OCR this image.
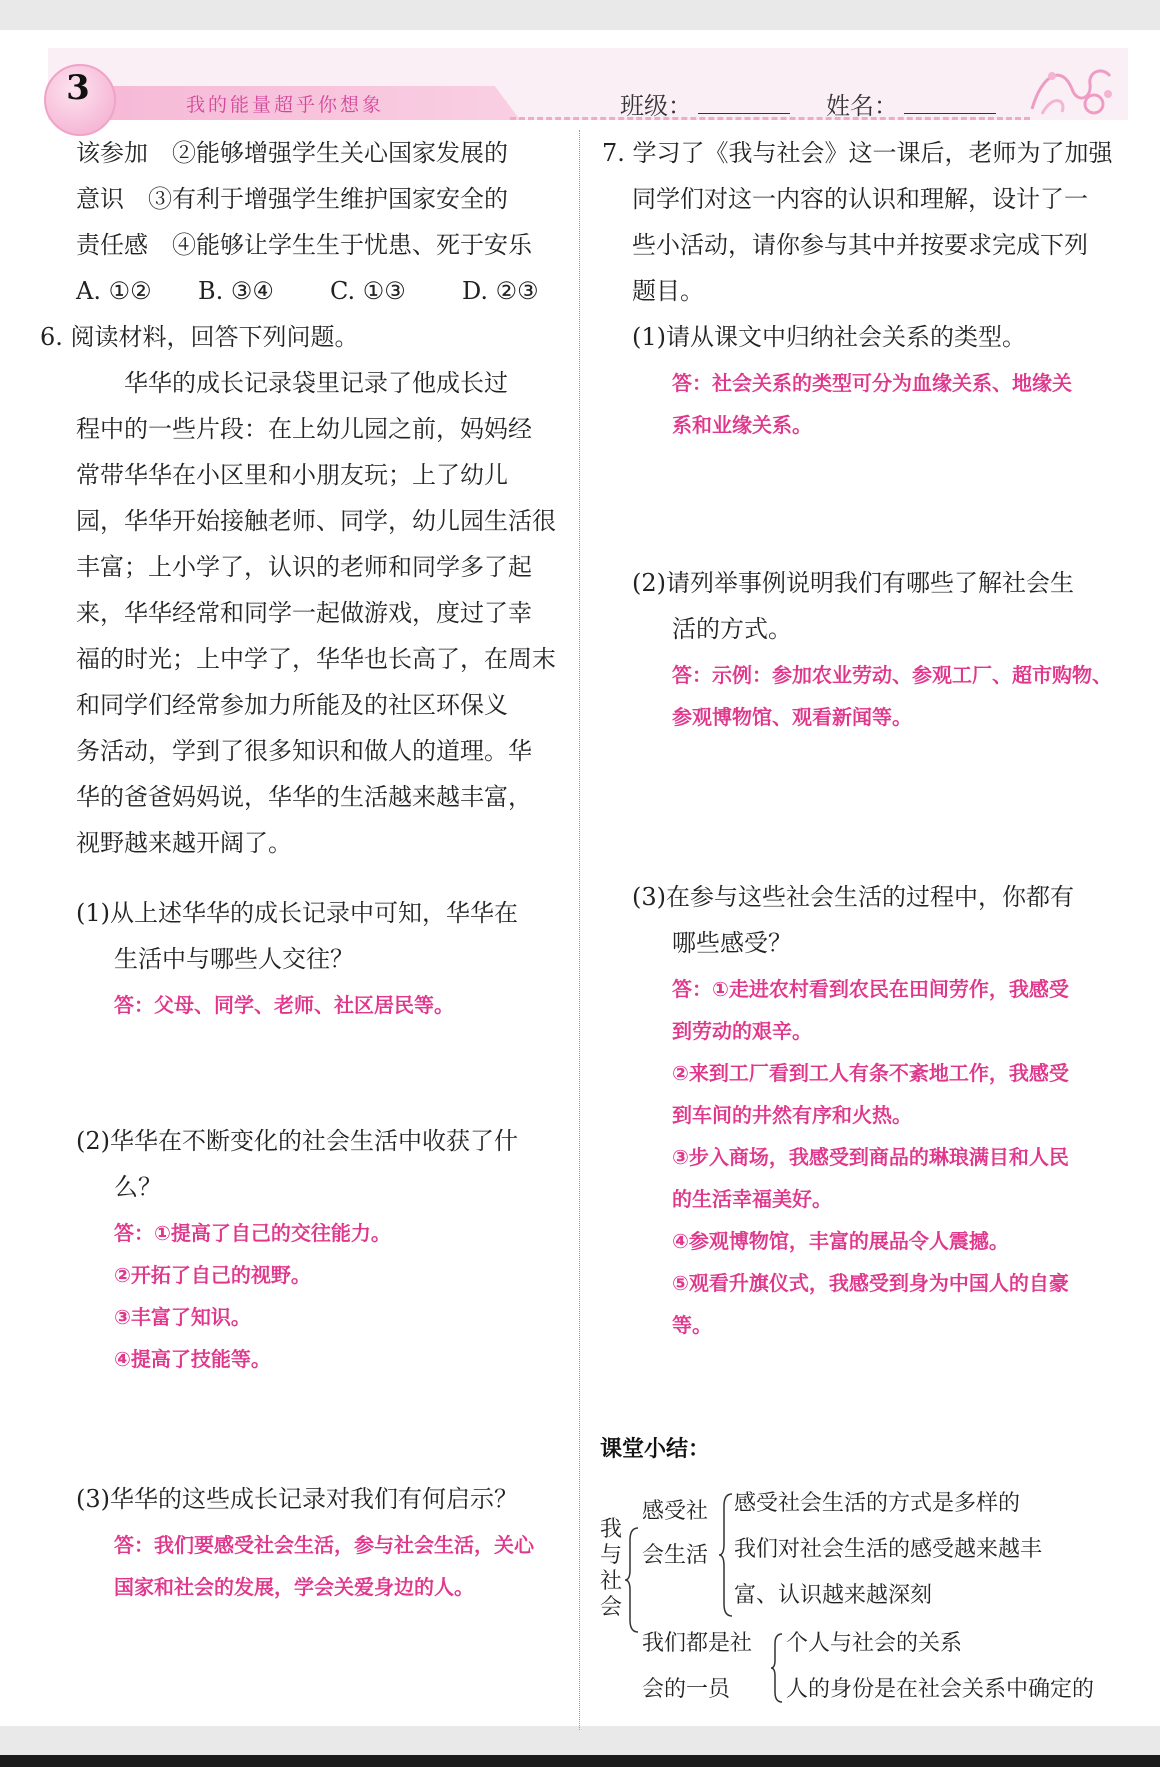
我的能量超乎你想象
3	班级：	姓名：

该参加　②能够增强学生关心国家发展的

意识　③有利于增强学生维护国家安全的

责任感　④能够让学生生于忧患、死于安乐

A. ①② B. ③④ C. ①③ D. ②③

6. 阅读材料，回答下列问题。

华华的成长记录袋里记录了他成长过

程中的一些片段：在上幼儿园之前，妈妈经

常带华华在小区里和小朋友玩；上了幼儿

园，华华开始接触老师、同学，幼儿园生活很

丰富；上小学了，认识的老师和同学多了起

来，华华经常和同学一起做游戏，度过了幸

福的时光；上中学了，华华也长高了，在周末

和同学们经常参加力所能及的社区环保义

务活动，学到了很多知识和做人的道理。华

华的爸爸妈妈说，华华的生活越来越丰富，

视野越来越开阔了。

(1)从上述华华的成长记录中可知，华华在

生活中与哪些人交往？

答：父母、同学、老师、社区居民等。

(2)华华在不断变化的社会生活中收获了什

么？

答：①提高了自己的交往能力。

②开拓了自己的视野。

③丰富了知识。

④提高了技能等。

(3)华华的这些成长记录对我们有何启示？

答：我们要感受社会生活，参与社会生活，关心

国家和社会的发展，学会关爱身边的人。

7. 学习了《我与社会》这一课后，老师为了加强

同学们对这一内容的认识和理解，设计了一

些小活动，请你参与其中并按要求完成下列

题目。

(1)请从课文中归纳社会关系的类型。

答：社会关系的类型可分为血缘关系、地缘关

系和业缘关系。

(2)请列举事例说明我们有哪些了解社会生

活的方式。

答：示例：参加农业劳动、参观工厂、超市购物、

参观博物馆、观看新闻等。

(3)在参与这些社会生活的过程中，你都有

哪些感受？

答：①走进农村看到农民在田间劳作，我感受

到劳动的艰辛。

②来到工厂看到工人有条不紊地工作，我感受

到车间的井然有序和火热。

③步入商场，我感受到商品的琳琅满目和人民

的生活幸福美好。

④参观博物馆，丰富的展品令人震撼。

⑤观看升旗仪式，我感受到身为中国人的自豪

等。

课堂小结：

我

与

社

会

感受社

会生活

感受社会生活的方式是多样的

我们对社会生活的感受越来越丰

富、认识越来越深刻

我们都是社

会的一员

个人与社会的关系

人的身份是在社会关系中确定的
